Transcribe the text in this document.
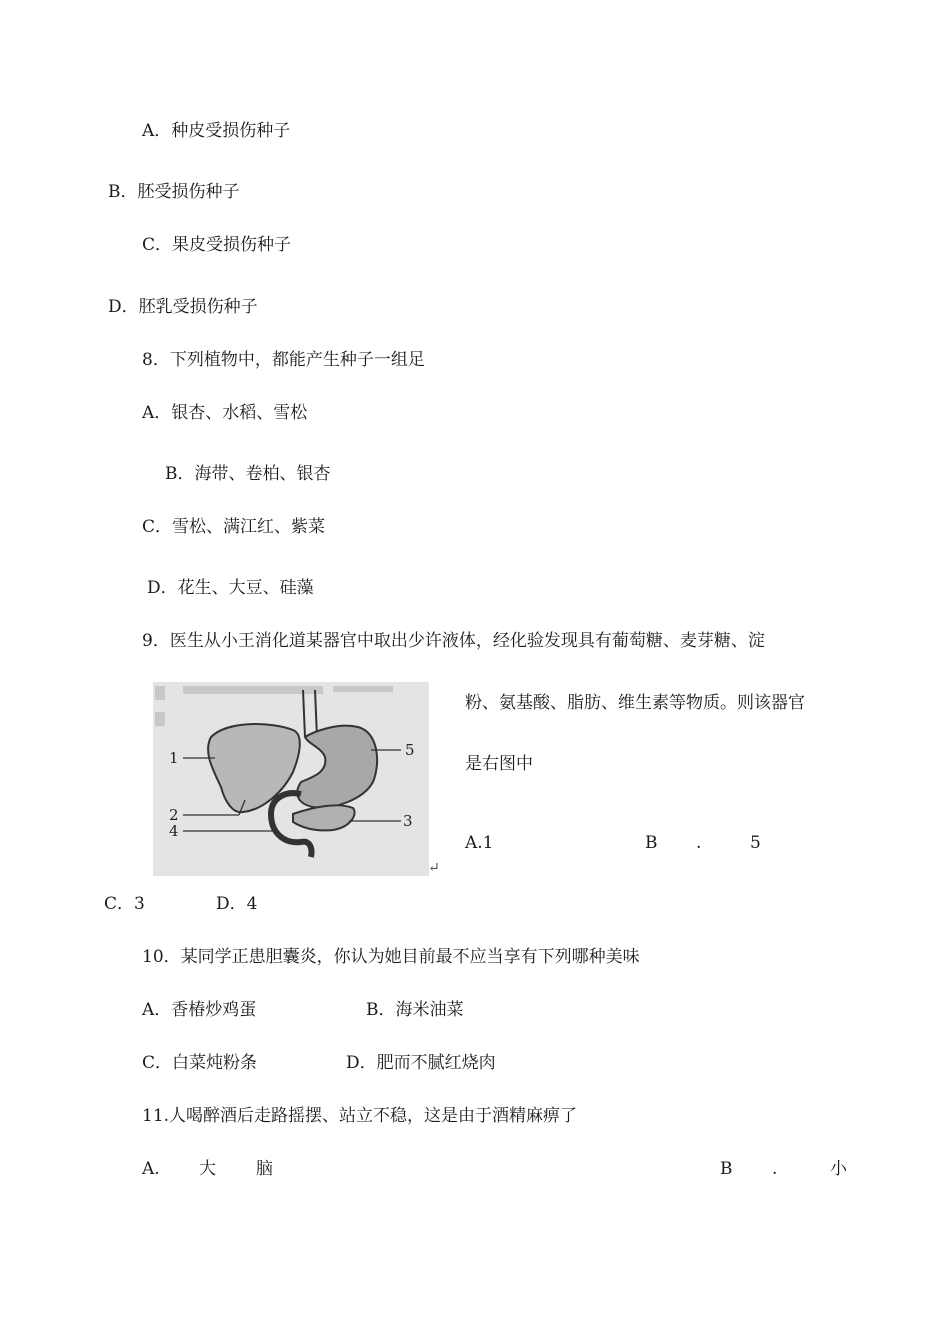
A．种皮受损伤种子
B．胚受损伤种子
C．果皮受损伤种子
D．胚乳受损伤种子
8．下列植物中，都能产生种子一组足
A．银杏、水稻、雪松
B．海带、卷柏、银杏
C．雪松、满江红、紫菜
D．花生、大豆、硅藻
9．医生从小王消化道某器官中取出少许液体，经化验发现具有葡萄糖、麦芽糖、淀
1
2
4
5
3
↵
粉、氨基酸、脂肪、维生素等物质。则该器官
是右图中
A.1	B .	5
C．3	D．4
10．某同学正患胆囊炎，你认为她目前最不应当享有下列哪种美味
A．香椿炒鸡蛋	B．海米油菜
C．白菜炖粉条	D．肥而不腻红烧肉
11.人喝醉酒后走路摇摆、站立不稳，这是由于酒精麻痹了
A. 大 脑	B .	小
